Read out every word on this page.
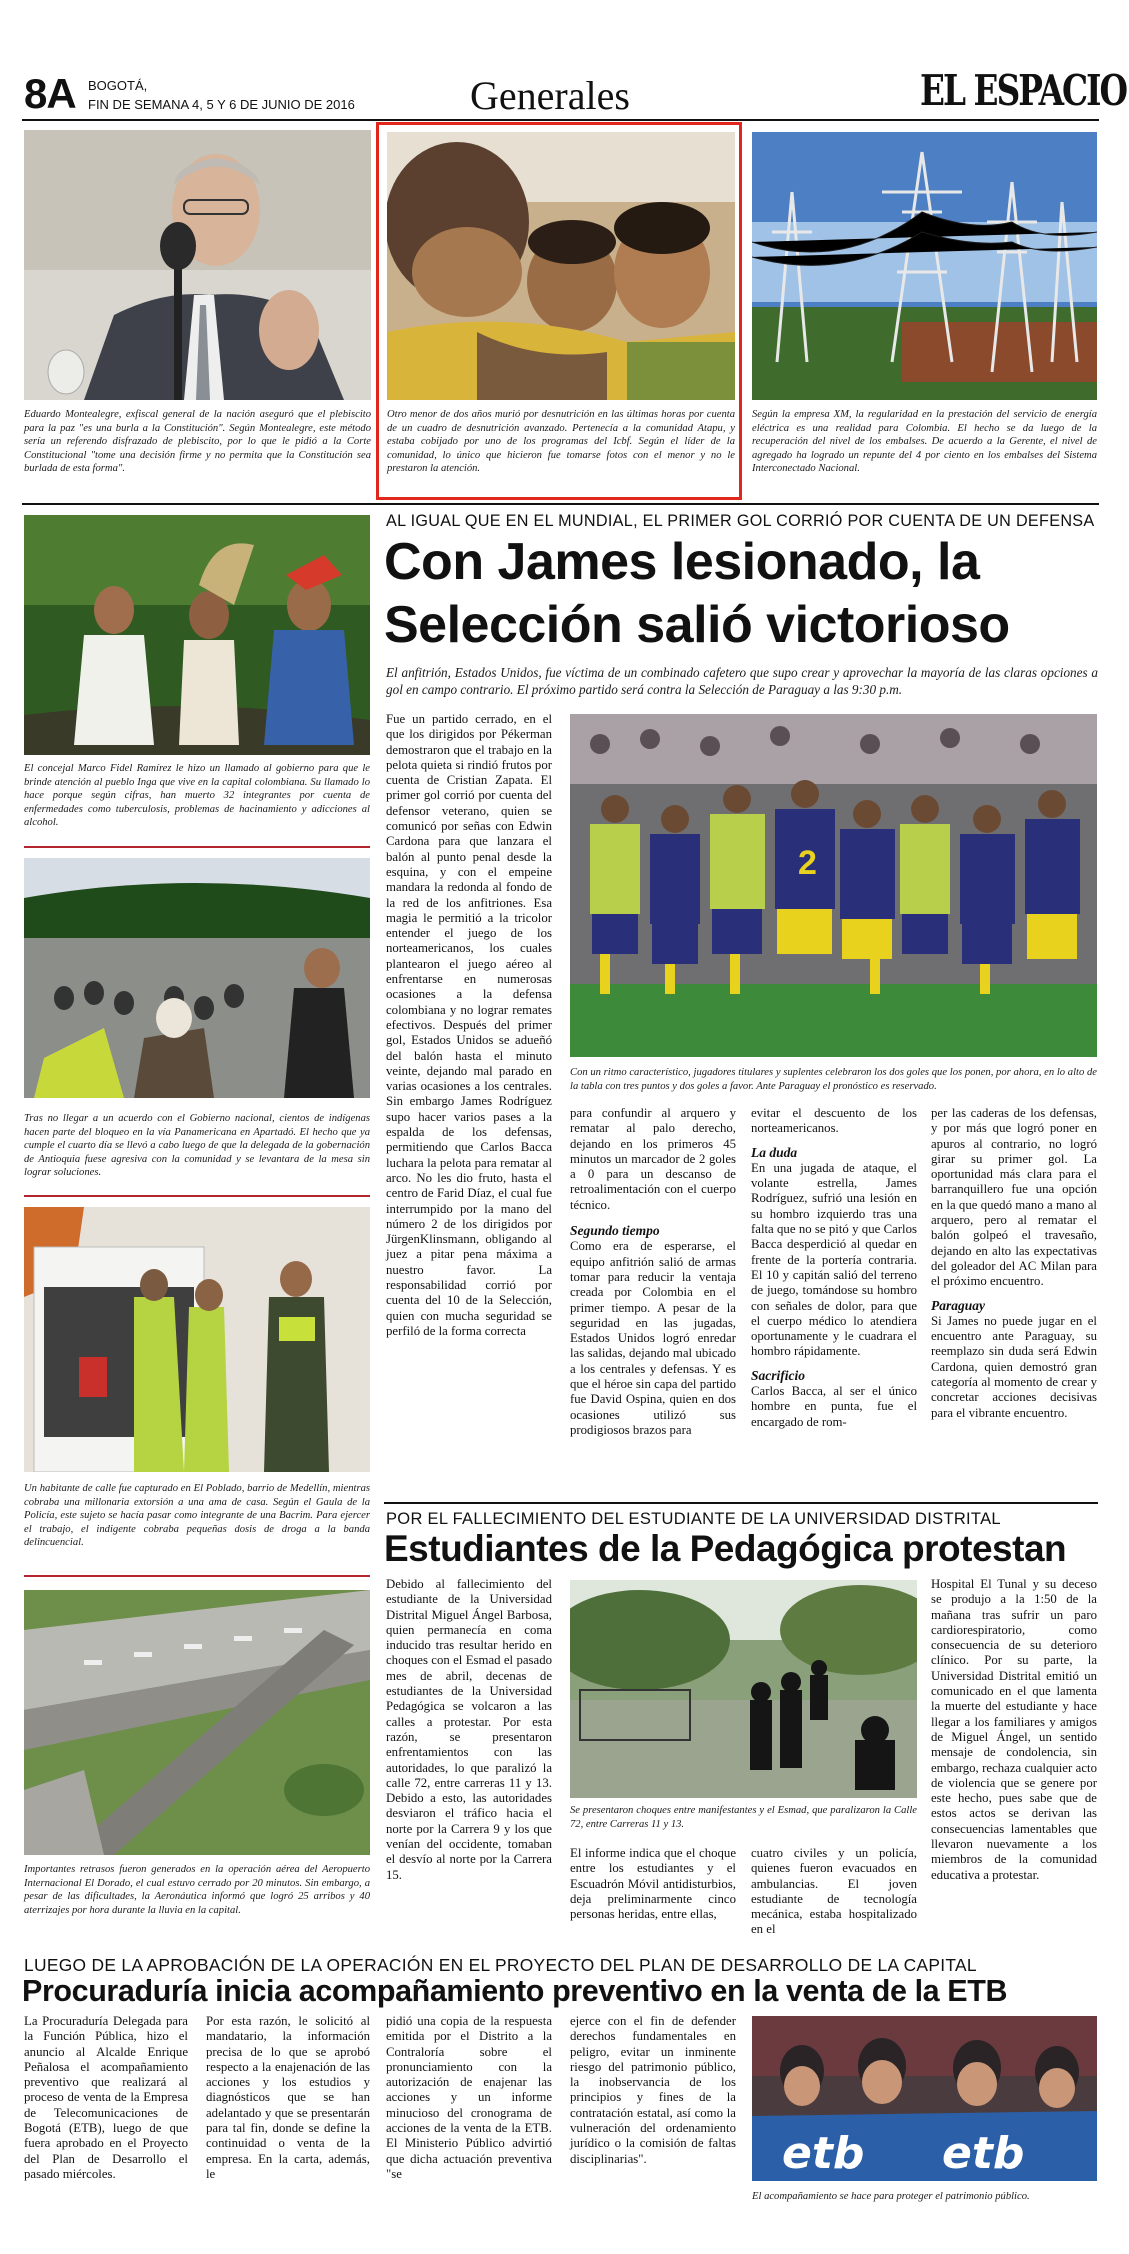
8A BOGOTÁ,
FIN DE SEMANA 4, 5 Y 6 DE JUNIO DE 2016	Generales	EL ESPACIO
Eduardo Montealegre, exfiscal general de la nación aseguró que el plebiscito para la paz "es una burla a la Constitución". Según Montealegre, este método sería un referendo disfrazado de plebiscito, por lo que le pidió a la Corte Constitucional "tome una decisión firme y no permita que la Constitución sea burlada de esta forma".
Otro menor de dos años murió por desnutrición en las últimas horas por cuenta de un cuadro de desnutrición avanzado. Pertenecía a la comunidad Atapu, y estaba cobijado por uno de los programas del Icbf. Según el líder de la comunidad, lo único que hicieron fue tomarse fotos con el menor y no le prestaron la atención.
Según la empresa XM, la regularidad en la prestación del servicio de energía eléctrica es una realidad para Colombia. El hecho se da luego de la recuperación del nivel de los embalses. De acuerdo a la Gerente, el nivel de agregado ha logrado un repunte del 4 por ciento en los embalses del Sistema Interconectado Nacional.
El concejal Marco Fidel Ramírez le hizo un llamado al gobierno para que le brinde atención al pueblo Inga que vive en la capital colombiana. Su llamado lo hace porque según cifras, han muerto 32 integrantes por cuenta de enfermedades como tuberculosis, problemas de hacinamiento y adicciones al alcohol.
Tras no llegar a un acuerdo con el Gobierno nacional, cientos de indígenas hacen parte del bloqueo en la vía Panamericana en Apartadó. El hecho que ya cumple el cuarto día se llevó a cabo luego de que la delegada de la gobernación de Antioquia fuese agresiva con la comunidad y se levantara de la mesa sin lograr soluciones.
Un habitante de calle fue capturado en El Poblado, barrio de Medellín, mientras cobraba una millonaria extorsión a una ama de casa. Según el Gaula de la Policía, este sujeto se hacía pasar como integrante de una Bacrim. Para ejercer el trabajo, el indigente cobraba pequeñas dosis de droga a la banda delincuencial.
Importantes retrasos fueron generados en la operación aérea del Aeropuerto Internacional El Dorado, el cual estuvo cerrado por 20 minutos. Sin embargo, a pesar de las dificultades, la Aeronáutica informó que logró 25 arribos y 40 aterrizajes por hora durante la lluvia en la capital.
AL IGUAL QUE EN EL MUNDIAL, EL PRIMER GOL CORRIÓ POR CUENTA DE UN DEFENSA
Con James lesionado, la
Selección salió victorioso
El anfitrión, Estados Unidos, fue víctima de un combinado cafetero que supo crear y aprovechar la mayoría de las claras opciones a gol en campo contrario. El próximo partido será contra la Selección de Paraguay a las 9:30 p.m.
Fue un partido cerrado, en el que los dirigidos por Pékerman demostraron que el trabajo en la pelota quieta si rindió frutos por cuenta de Cristian Zapata. El primer gol corrió por cuenta del defensor veterano, quien se comunicó por señas con Edwin Cardona para que lanzara el balón al punto penal desde la esquina, y con el empeine mandara la redonda al fondo de la red de los anfitriones. Esa magia le permitió a la tricolor entender el juego de los norteamericanos, los cuales plantearon el juego aéreo al enfrentarse en numerosas ocasiones a la defensa colombiana y no lograr remates efectivos. Después del primer gol, Estados Unidos se adueñó del balón hasta el minuto veinte, dejando mal parado en varias ocasiones a los centrales. Sin embargo James Rodríguez supo hacer varios pases a la espalda de los defensas, permitiendo que Carlos Bacca luchara la pelota para rematar al arco. No les dio fruto, hasta el centro de Farid Díaz, el cual fue interrumpido por la mano del número 2 de los dirigidos por JürgenKlinsmann, obligando al juez a pitar pena máxima a nuestro favor. La responsabilidad corrió por cuenta del 10 de la Selección, quien con mucha seguridad se perfiló de la forma correcta
2
Con un ritmo característico, jugadores titulares y suplentes celebraron los dos goles que los ponen, por ahora, en lo alto de la tabla con tres puntos y dos goles a favor. Ante Paraguay el pronóstico es reservado.

para confundir al arquero y rematar al palo derecho, dejando en los primeros 45 minutos un marcador de 2 goles a 0 para un descanso de retroalimentación con el cuerpo técnico.

Segundo tiempo

Como era de esperarse, el equipo anfitrión salió de armas tomar para reducir la ventaja creada por Colombia en el primer tiempo. A pesar de la seguridad en las jugadas, Estados Unidos logró enredar las salidas, dejando mal ubicado a los centrales y defensas. Y es que el héroe sin capa del partido fue David Ospina, quien en dos ocasiones utilizó sus prodigiosos brazos para

evitar el descuento de los norteamericanos.

La duda

En una jugada de ataque, el volante estrella, James Rodríguez, sufrió una lesión en su hombro izquierdo tras una falta que no se pitó y que Carlos Bacca desperdició al quedar en frente de la portería contraria. El 10 y capitán salió del terreno de juego, tomándose su hombro con señales de dolor, para que el cuerpo médico lo atendiera oportunamente y le cuadrara el hombro rápidamente.

Sacrificio

Carlos Bacca, al ser el único hombre en punta, fue el encargado de rom-

per las caderas de los defensas, y por más que logró poner en apuros al contrario, no logró girar su primer gol. La oportunidad más clara para el barranquillero fue una opción en la que quedó mano a mano al arquero, pero al rematar el balón golpeó el travesaño, dejando en alto las expectativas del goleador del AC Milan para el próximo encuentro.

Paraguay

Si James no puede jugar en el encuentro ante Paraguay, su reemplazo sin duda será Edwin Cardona, quien demostró gran categoría al momento de crear y concretar acciones decisivas para el vibrante encuentro.

POR EL FALLECIMIENTO DEL ESTUDIANTE DE LA UNIVERSIDAD DISTRITAL
Estudiantes de la Pedagógica protestan
Debido al fallecimiento del estudiante de la Universidad Distrital Miguel Ángel Barbosa, quien permanecía en coma inducido tras resultar herido en choques con el Esmad el pasado mes de abril, decenas de estudiantes de la Universidad Pedagógica se volcaron a las calles a protestar. Por esta razón, se presentaron enfrentamientos con las autoridades, lo que paralizó la calle 72, entre carreras 11 y 13. Debido a esto, las autoridades desviaron el tráfico hacia el norte por la Carrera 9 y los que venían del occidente, tomaban el desvío al norte por la Carrera 15.
Se presentaron choques entre manifestantes y el Esmad, que paralizaron la Calle 72, entre Carreras 11 y 13.
El informe indica que el choque entre los estudiantes y el Escuadrón Móvil antidisturbios, deja preliminarmente cinco personas heridas, entre ellas,
cuatro civiles y un policía, quienes fueron evacuados en ambulancias. El joven estudiante de tecnología mecánica, estaba hospitalizado en el
Hospital El Tunal y su deceso se produjo a la 1:50 de la mañana tras sufrir un paro cardiorespiratorio, como consecuencia de su deterioro clínico. Por su parte, la Universidad Distrital emitió un comunicado en el que lamenta la muerte del estudiante y hace llegar a los familiares y amigos de Miguel Ángel, un sentido mensaje de condolencia, sin embargo, rechaza cualquier acto de violencia que se genere por este hecho, pues sabe que de estos actos se derivan las consecuencias lamentables que llevaron nuevamente a los miembros de la comunidad educativa a protestar.
LUEGO DE LA APROBACIÓN DE LA OPERACIÓN EN EL PROYECTO DEL PLAN DE DESARROLLO DE LA CAPITAL
Procuraduría inicia acompañamiento preventivo en la venta de la ETB
La Procuraduría Delegada para la Función Pública, hizo el anuncio al Alcalde Enrique Peñalosa el acompañamiento preventivo que realizará al proceso de venta de la Empresa de Telecomunicaciones de Bogotá (ETB), luego de que fuera aprobado en el Proyecto del Plan de Desarrollo el pasado miércoles.
Por esta razón, le solicitó al mandatario, la información precisa de lo que se aprobó respecto a la enajenación de las acciones y los estudios y diagnósticos que se han adelantado y que se presentarán para tal fin, donde se define la continuidad o venta de la empresa. En la carta, además, le
pidió una copia de la respuesta emitida por el Distrito a la Contraloría sobre el pronunciamiento con la autorización de enajenar las acciones y un informe minucioso del cronograma de acciones de la venta de la ETB. El Ministerio Público advirtió que dicha actuación preventiva "se
ejerce con el fin de defender derechos fundamentales en peligro, evitar un inminente riesgo del patrimonio público, la inobservancia de los principios y fines de la contratación estatal, así como la vulneración del ordenamiento jurídico o la comisión de faltas disciplinarias".	etb etb
El acompañamiento se hace para proteger el patrimonio público.
